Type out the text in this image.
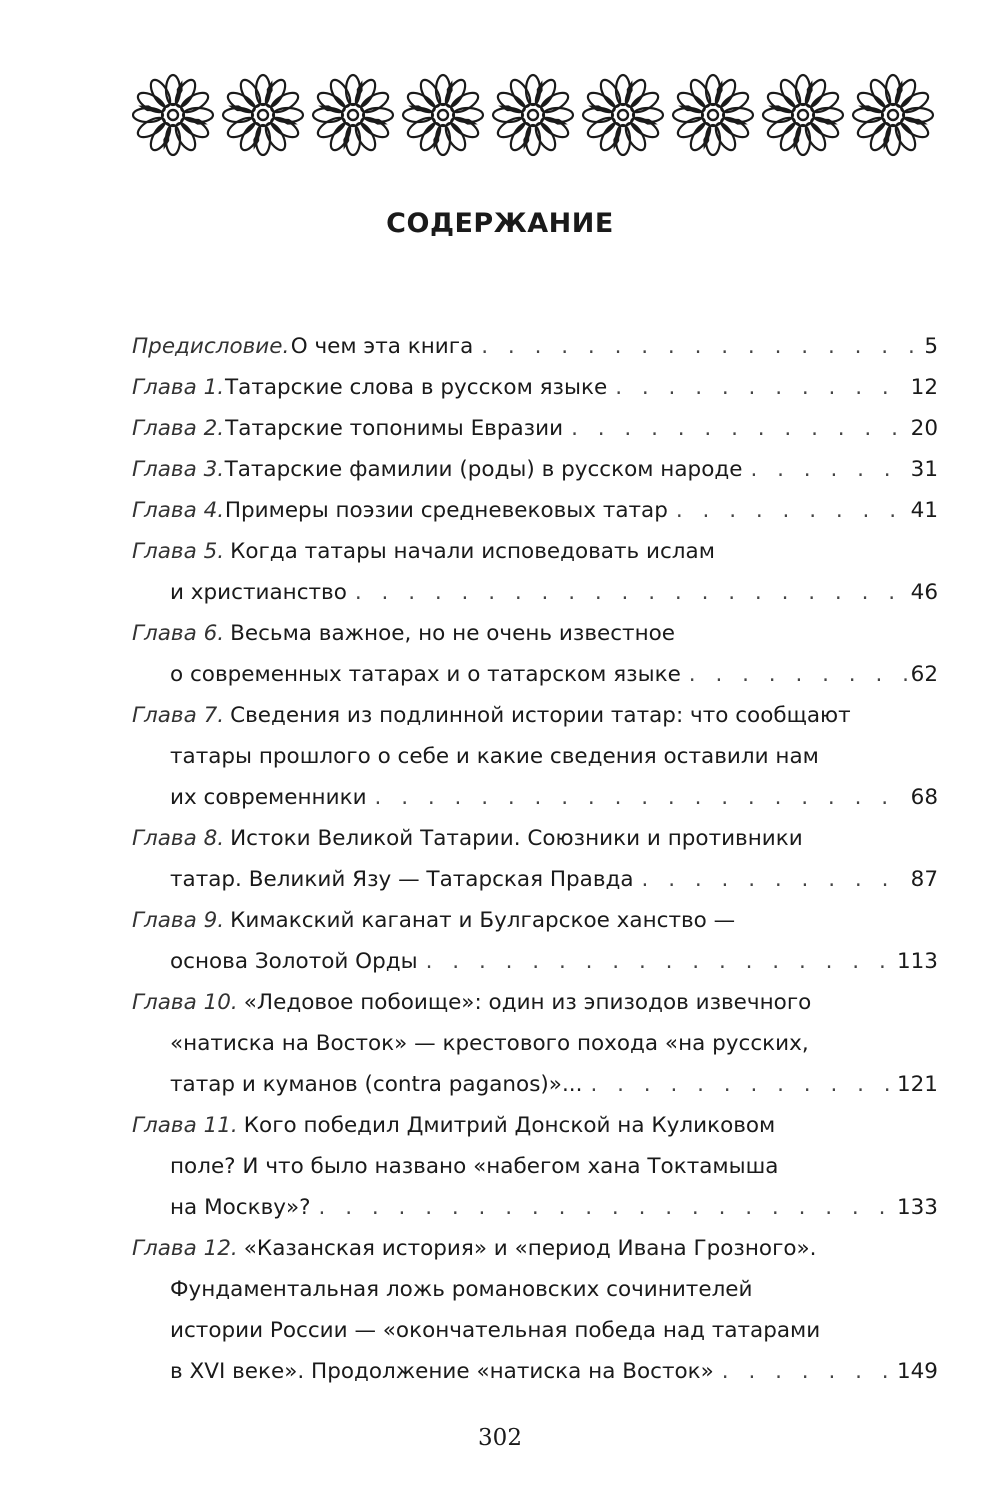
СОДЕРЖАНИЕ
Предисловие. О чем эта книга . . .	5
Глава 1. Татарские слова в русском языке . . .	12
Глава 2. Татарские топонимы Евразии . . .	20
Глава 3. Татарские фамилии (роды) в русском народе . . .	31
Глава 4. Примеры поэзии средневековых татар . . .	41
Глава 5. Когда татары начали исповедовать ислам
и христианство . . .	46
Глава 6. Весьма важное, но не очень известное
о современных татарах и о татарском языке . . .	62
Глава 7. Сведения из подлинной истории татар: что сообщают
татары прошлого о себе и какие сведения оставили нам
их современники . . .	68
Глава 8. Истоки Великой Татарии. Союзники и противники
татар. Великий Язу — Татарская Правда . . .	87
Глава 9. Кимакский каганат и Булгарское ханство —
основа Золотой Орды . . .	113
Глава 10. «Ледовое побоище»: один из эпизодов извечного
«натиска на Восток» — крестового похода «на русских,
татар и куманов (contra paganos)»... . . .	121
Глава 11. Кого победил Дмитрий Донской на Куликовом
поле? И что было названо «набегом хана Токтамыша
на Москву»? . . .	133
Глава 12. «Казанская история» и «период Ивана Грозного».
Фундаментальная ложь романовских сочинителей
истории России — «окончательная победа над татарами
в XVI веке». Продолжение «натиска на Восток» . . .	149
302
